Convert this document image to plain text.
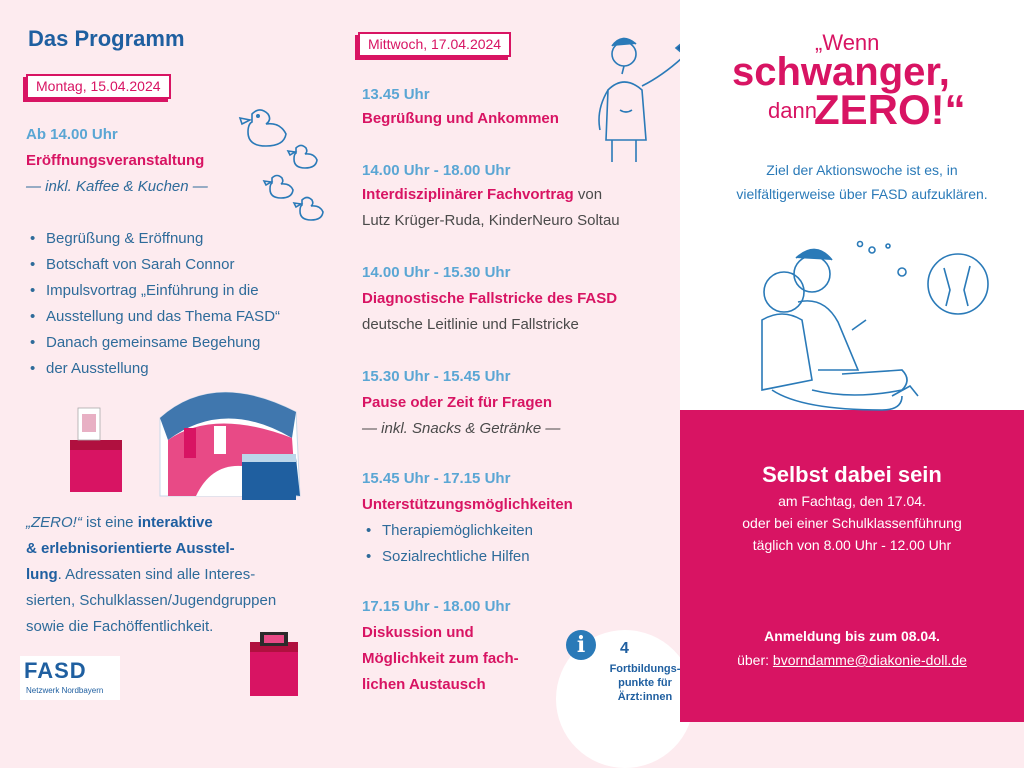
Das Programm
Montag, 15.04.2024
Ab 14.00 Uhr
Eröffnungsveranstaltung
— inkl. Kaffee & Kuchen —
• Begrüßung & Eröffnung
• Botschaft von Sarah Connor
• Impulsvortrag „Einführung in die
• Ausstellung und das Thema FASD“
• Danach gemeinsame Begehung
• der Ausstellung
„ZERO!“ ist eine interaktive
& erlebnisorientierte Ausstel-
lung. Adressaten sind alle Interes-
sierten, Schulklassen/Jugendgruppen
sowie die Fachöffentlichkeit.
FASD
Netzwerk Nordbayern
Mittwoch, 17.04.2024
13.45 Uhr
Begrüßung und Ankommen
14.00 Uhr - 18.00 Uhr
Interdisziplinärer Fachvortrag von
Lutz Krüger-Ruda, KinderNeuro Soltau
14.00 Uhr - 15.30 Uhr
Diagnostische Fallstricke des FASD
deutsche Leitlinie und Fallstricke
15.30 Uhr - 15.45 Uhr
Pause oder Zeit für Fragen
— inkl. Snacks & Getränke —
15.45 Uhr - 17.15 Uhr
Unterstützungsmöglichkeiten
• Therapiemöglichkeiten
• Sozialrechtliche Hilfen
17.15 Uhr - 18.00 Uhr
Diskussion und
Möglichkeit zum fach-
lichen Austausch
i	4
Fortbildungs-
punkte für
Ärzt:innen
„Wenn
schwanger,
dann
ZERO!“
Ziel der Aktionswoche ist es, in
vielfältigerweise über FASD aufzuklären.
Selbst dabei sein
am Fachtag, den 17.04.
oder bei einer Schulklassenführung
täglich von 8.00 Uhr - 12.00 Uhr
Anmeldung bis zum 08.04.
über: bvorndamme@diakonie-doll.de
